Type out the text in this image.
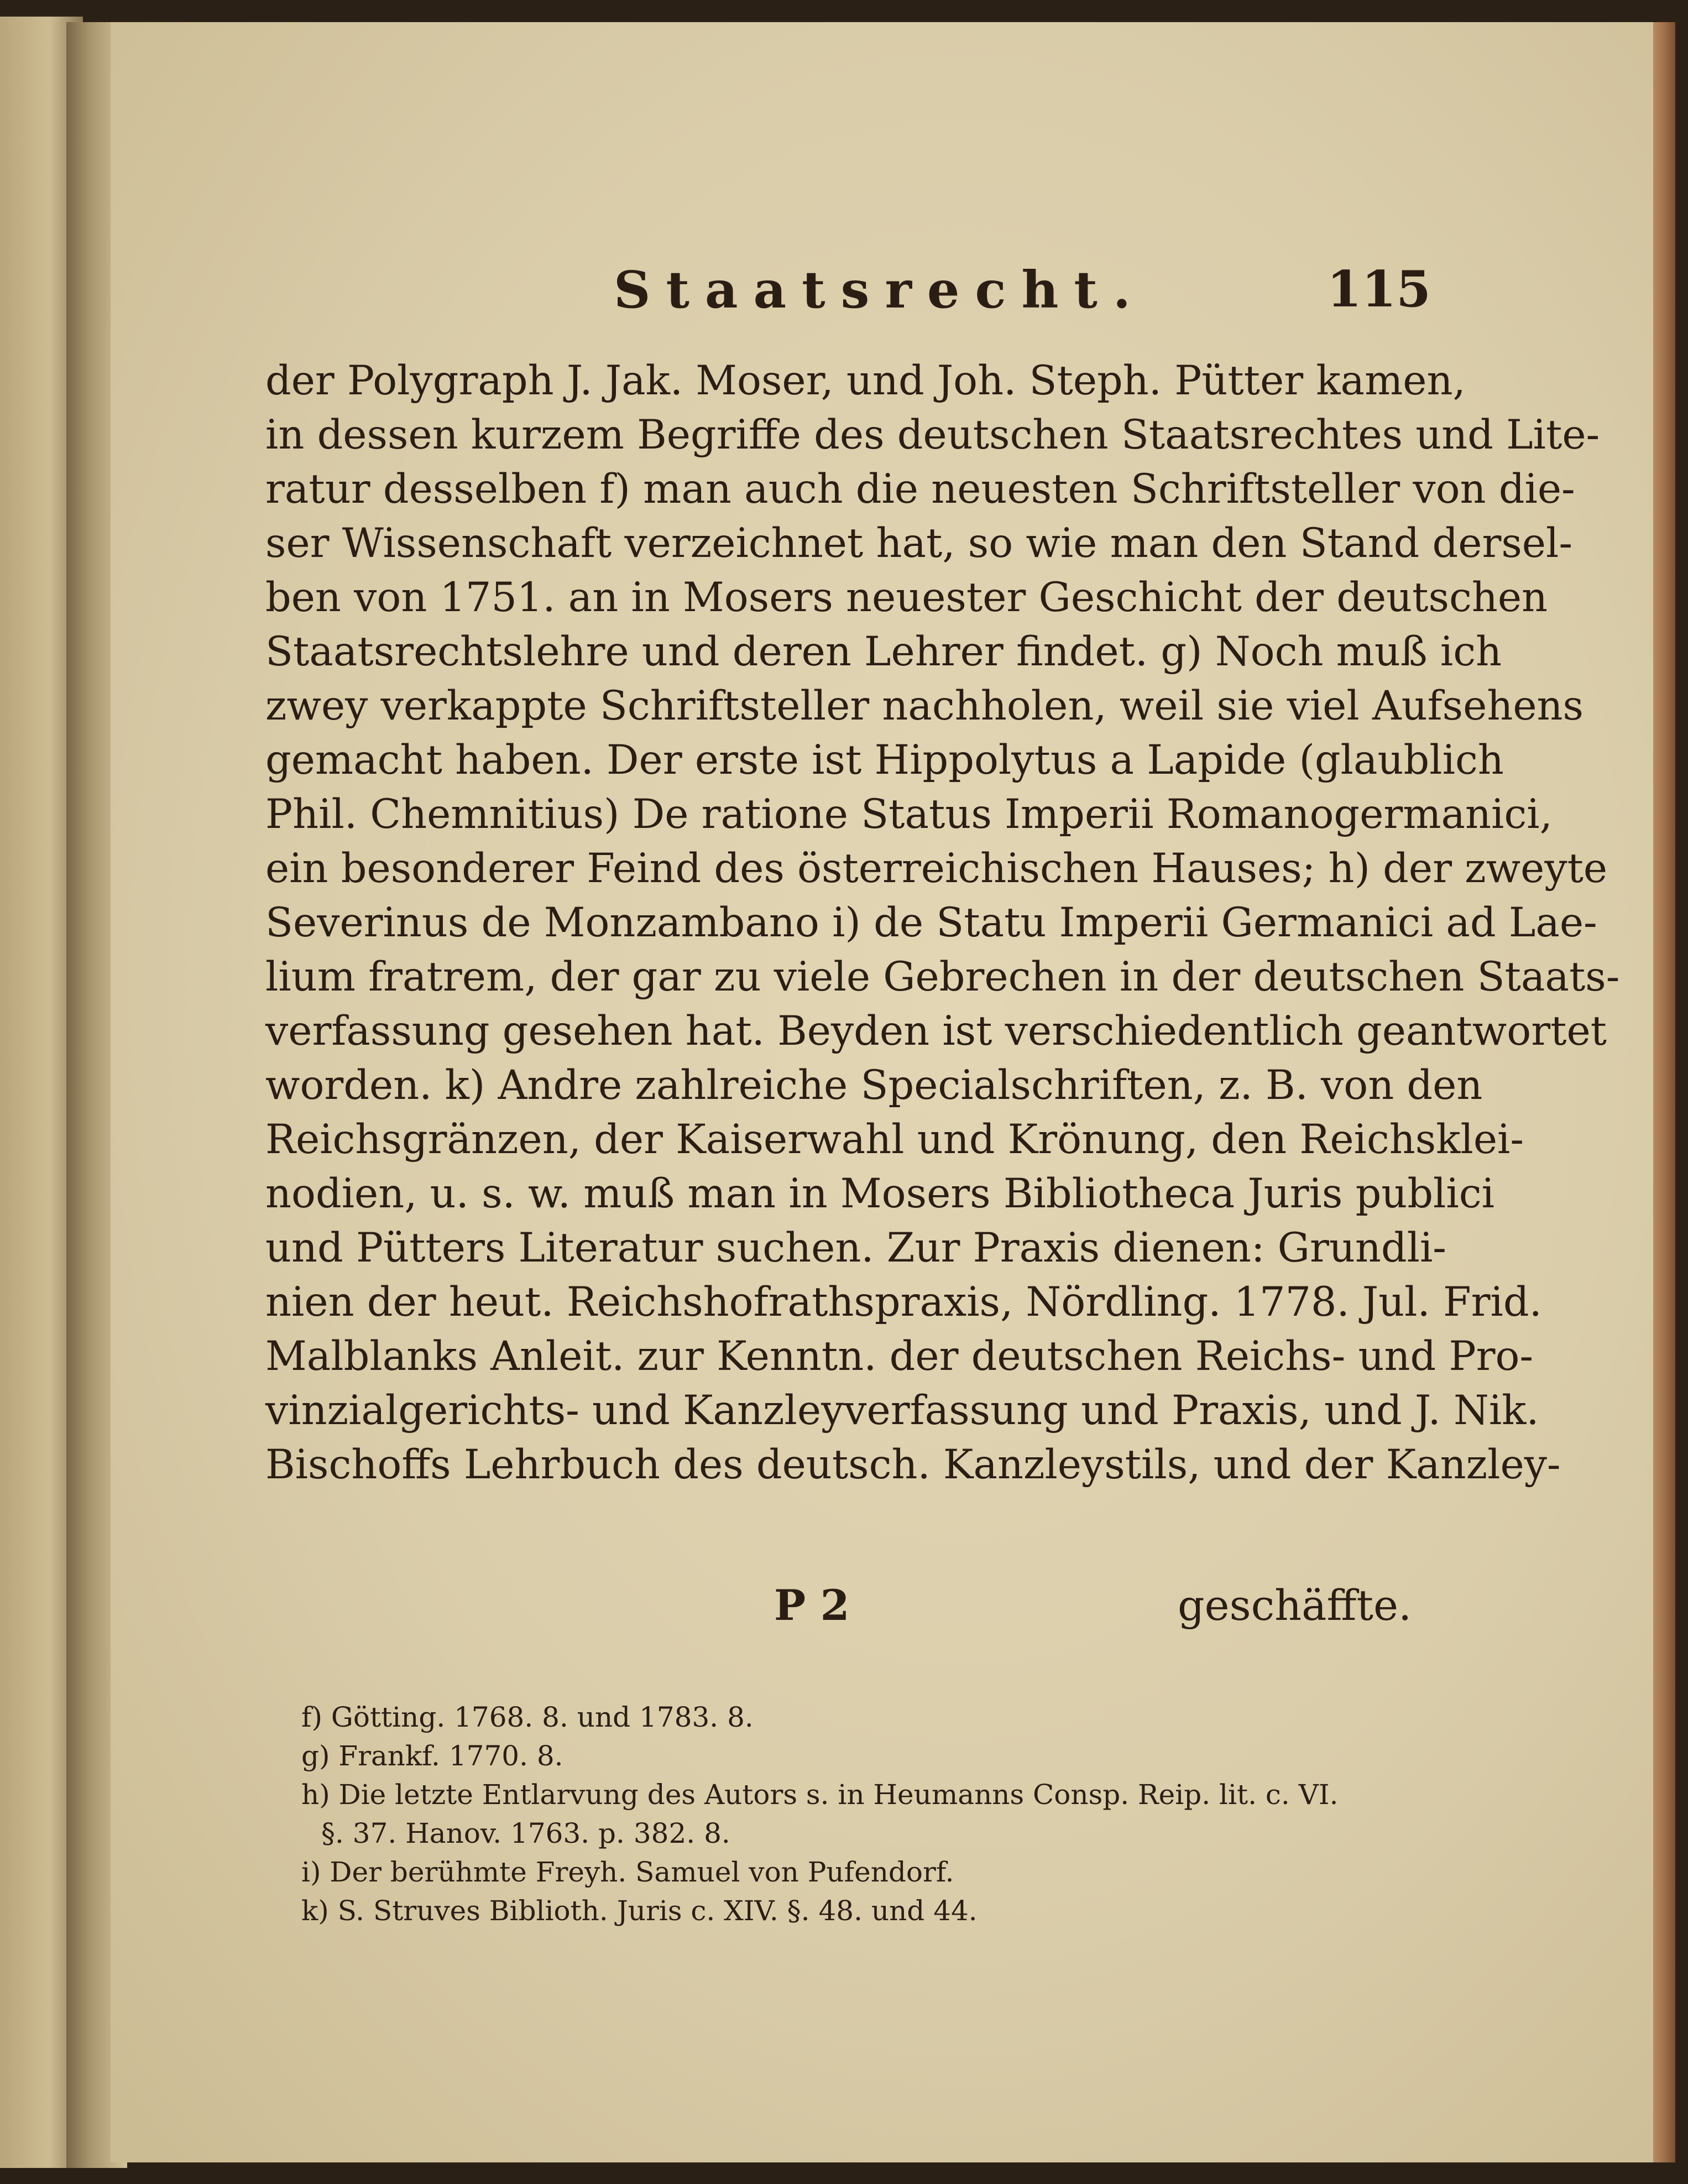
Staatsrecht.	115
der Polygraph J. Jak. Moser, und Joh. Steph. Pütter kamen,
in dessen kurzem Begriffe des deutschen Staatsrechtes und Lite-
ratur desselben f) man auch die neuesten Schriftsteller von die-
ser Wissenschaft verzeichnet hat, so wie man den Stand dersel-
ben von 1751. an in Mosers neuester Geschicht der deutschen
Staatsrechtslehre und deren Lehrer findet. g) Noch muß ich
zwey verkappte Schriftsteller nachholen, weil sie viel Aufsehens
gemacht haben. Der erste ist Hippolytus a Lapide (glaublich
Phil. Chemnitius) De ratione Status Imperii Romanogermanici,
ein besonderer Feind des österreichischen Hauses; h) der zweyte
Severinus de Monzambano i) de Statu Imperii Germanici ad Lae-
lium fratrem, der gar zu viele Gebrechen in der deutschen Staats-
verfassung gesehen hat. Beyden ist verschiedentlich geantwortet
worden. k) Andre zahlreiche Specialschriften, z. B. von den
Reichsgränzen, der Kaiserwahl und Krönung, den Reichsklei-
nodien, u. s. w. muß man in Mosers Bibliotheca Juris publici
und Pütters Literatur suchen. Zur Praxis dienen: Grundli-
nien der heut. Reichshofrathspraxis, Nördling. 1778. Jul. Frid.
Malblanks Anleit. zur Kenntn. der deutschen Reichs- und Pro-
vinzialgerichts- und Kanzleyverfassung und Praxis, und J. Nik.
Bischoffs Lehrbuch des deutsch. Kanzleystils, und der Kanzley-
P 2	geschäffte.
f) Götting. 1768. 8. und 1783. 8.
g) Frankf. 1770. 8.
h) Die letzte Entlarvung des Autors s. in Heumanns Consp. Reip. lit. c. VI.
§. 37. Hanov. 1763. p. 382. 8.
i) Der berühmte Freyh. Samuel von Pufendorf.
k) S. Struves Biblioth. Juris c. XIV. §. 48. und 44.
